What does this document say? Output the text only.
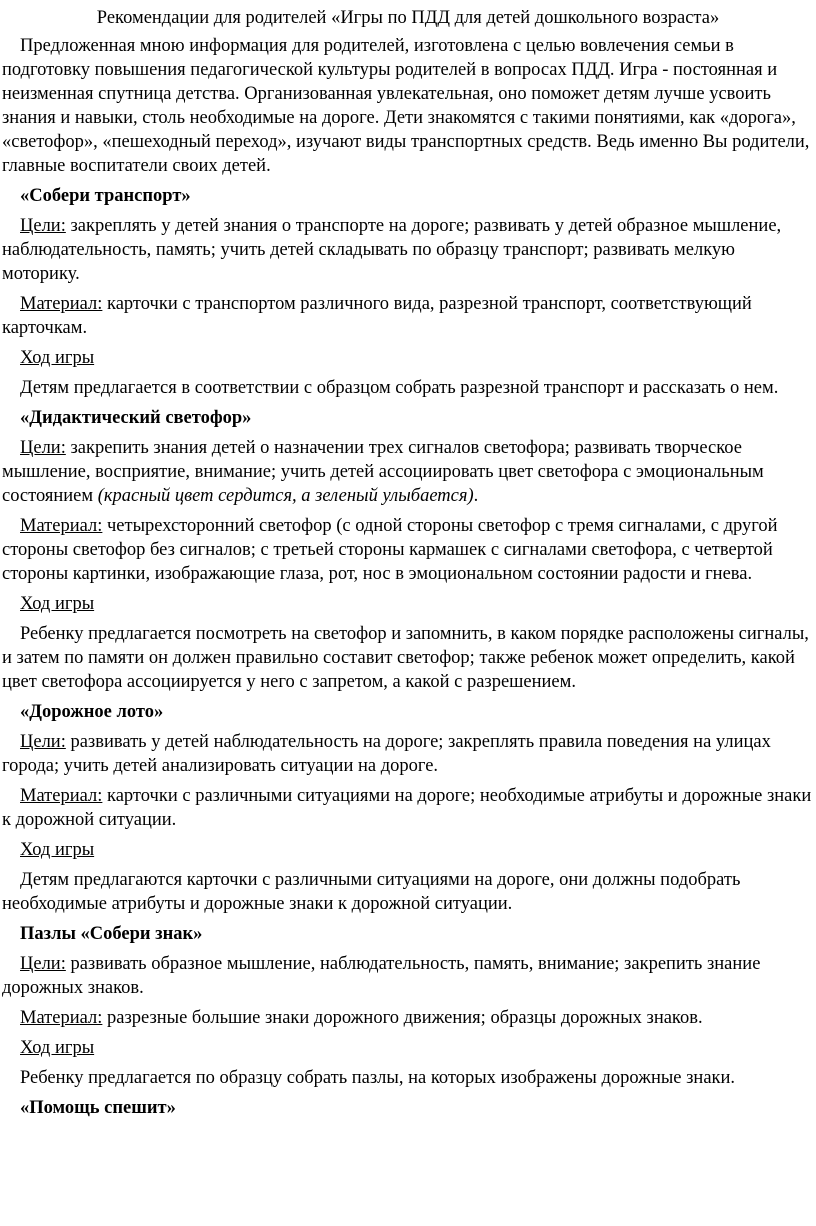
Рекомендации для родителей «Игры по ПДД для детей дошкольного возраста»

Предложенная мною информация для родителей, изготовлена с целью вовлечения семьи в подготовку повышения педагогической культуры родителей в вопросах ПДД. Игра - постоянная и неизменная спутница детства. Организованная увлекательная, оно поможет детям лучше усвоить знания и навыки, столь необходимые на дороге. Дети знакомятся с такими понятиями, как «дорога», «светофор», «пешеходный переход», изучают виды транспортных средств. Ведь именно Вы родители, главные воспитатели своих детей.

«Собери транспорт»

Цели: закреплять у детей знания о транспорте на дороге; развивать у детей образное мышление, наблюдательность, память; учить детей складывать по образцу транспорт; развивать мелкую моторику.

Материал: карточки с транспортом различного вида, разрезной транспорт, соответствующий карточкам.

Ход игры

Детям предлагается в соответствии с образцом собрать разрезной транспорт и рассказать о нем.

«Дидактический светофор»

Цели: закрепить знания детей о назначении трех сигналов светофора; развивать творческое мышление, восприятие, внимание; учить детей ассоциировать цвет светофора с эмоциональным состоянием (красный цвет сердится, а зеленый улыбается).

Материал: четырехсторонний светофор (с одной стороны светофор с тремя сигналами, с другой стороны светофор без сигналов; с третьей стороны кармашек с сигналами светофора, с четвертой стороны картинки, изображающие глаза, рот, нос в эмоциональном состоянии радости и гнева.

Ход игры

Ребенку предлагается посмотреть на светофор и запомнить, в каком порядке расположены сигналы, и затем по памяти он должен правильно составит светофор; также ребенок может определить, какой цвет светофора ассоциируется у него с запретом, а какой с разрешением.

«Дорожное лото»

Цели: развивать у детей наблюдательность на дороге; закреплять правила поведения на улицах города; учить детей анализировать ситуации на дороге.

Материал: карточки с различными ситуациями на дороге; необходимые атрибуты и дорожные знаки к дорожной ситуации.

Ход игры

Детям предлагаются карточки с различными ситуациями на дороге, они должны подобрать необходимые атрибуты и дорожные знаки к дорожной ситуации.

Пазлы «Собери знак»

Цели: развивать образное мышление, наблюдательность, память, внимание; закрепить знание дорожных знаков.

Материал: разрезные большие знаки дорожного движения; образцы дорожных знаков.

Ход игры

Ребенку предлагается по образцу собрать пазлы, на которых изображены дорожные знаки.

«Помощь спешит»
